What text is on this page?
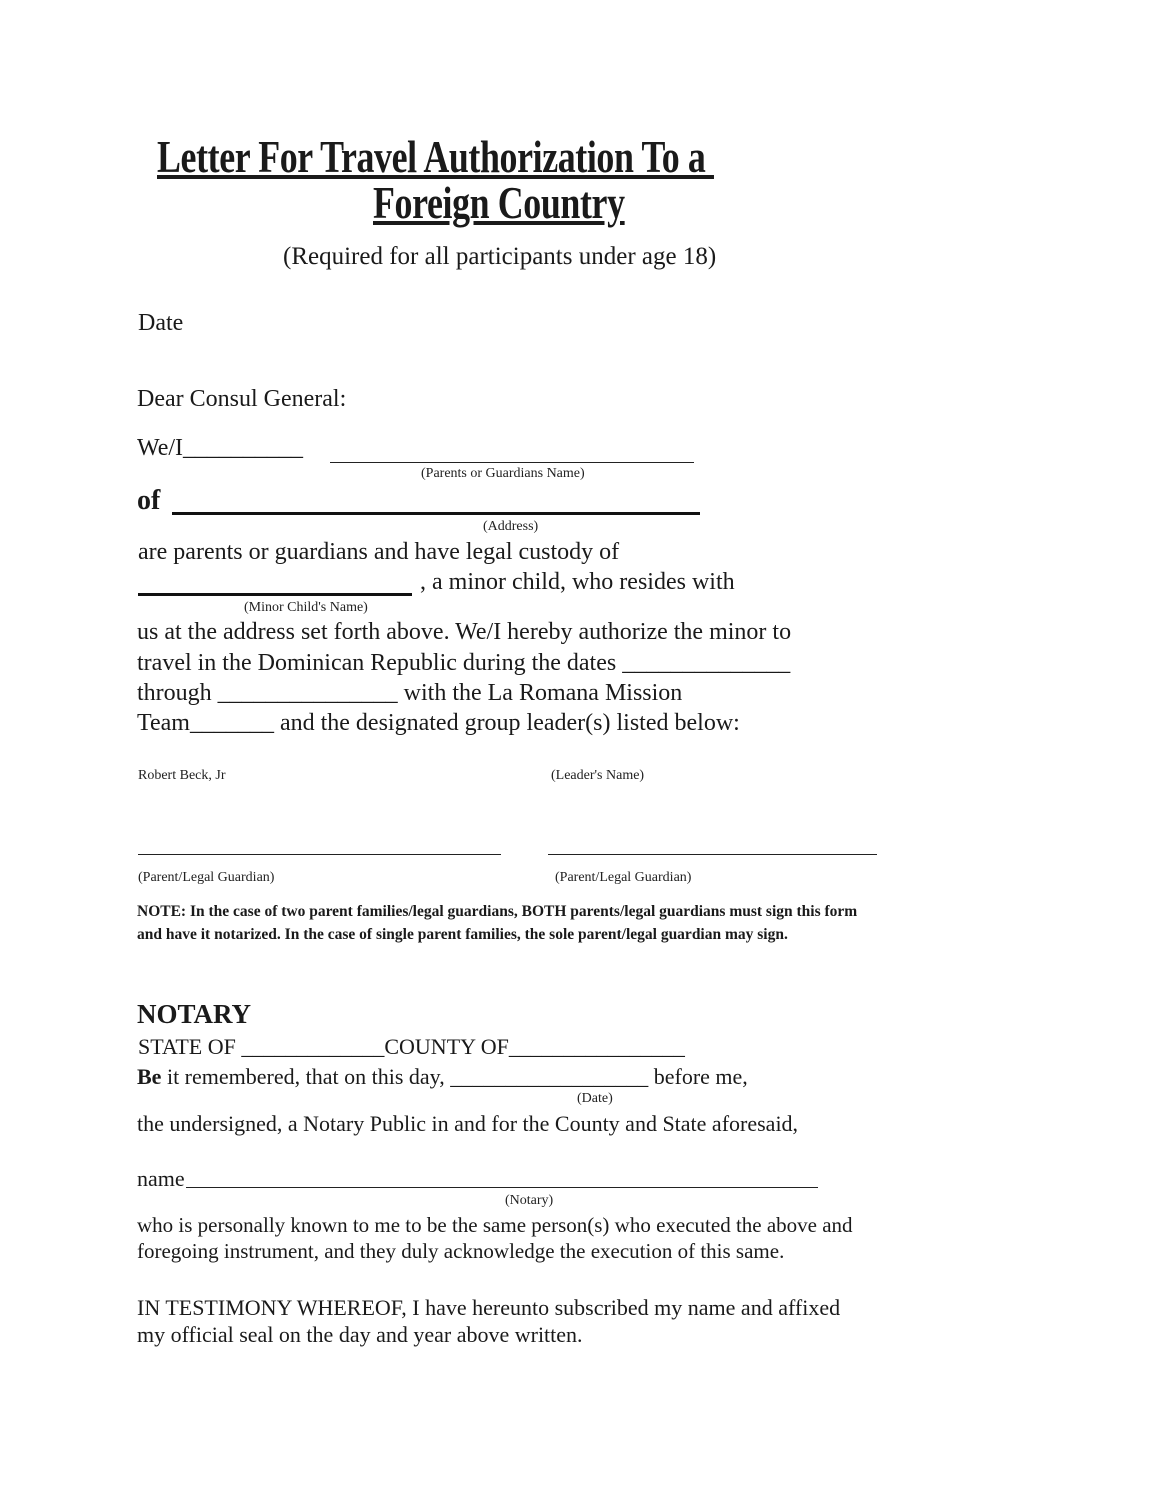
Letter For Travel Authorization To a
Foreign Country
(Required for all participants under age 18)
Date
Dear Consul General:
We/I__________
(Parents or Guardians Name)
of
(Address)
are parents or guardians and have legal custody of
, a minor child, who resides with
(Minor Child's Name)
us at the address set forth above. We/I hereby authorize the minor to
travel in the Dominican Republic during the dates ______________
through _______________ with the La Romana Mission
Team_______ and the designated group leader(s) listed below:
Robert Beck, Jr	(Leader's Name)
(Parent/Legal Guardian)	(Parent/Legal Guardian)
NOTE: In the case of two parent families/legal guardians, BOTH parents/legal guardians must sign this form and have it notarized. In the case of single parent families, the sole parent/legal guardian may sign.
NOTARY
STATE OF _____________COUNTY OF________________
Be it remembered, that on this day, __________________ before me,
(Date)
the undersigned, a Notary Public in and for the County and State aforesaid,
name
(Notary)
who is personally known to me to be the same person(s) who executed the above and
foregoing instrument, and they duly acknowledge the execution of this same.
IN TESTIMONY WHEREOF, I have hereunto subscribed my name and affixed
my official seal on the day and year above written.
